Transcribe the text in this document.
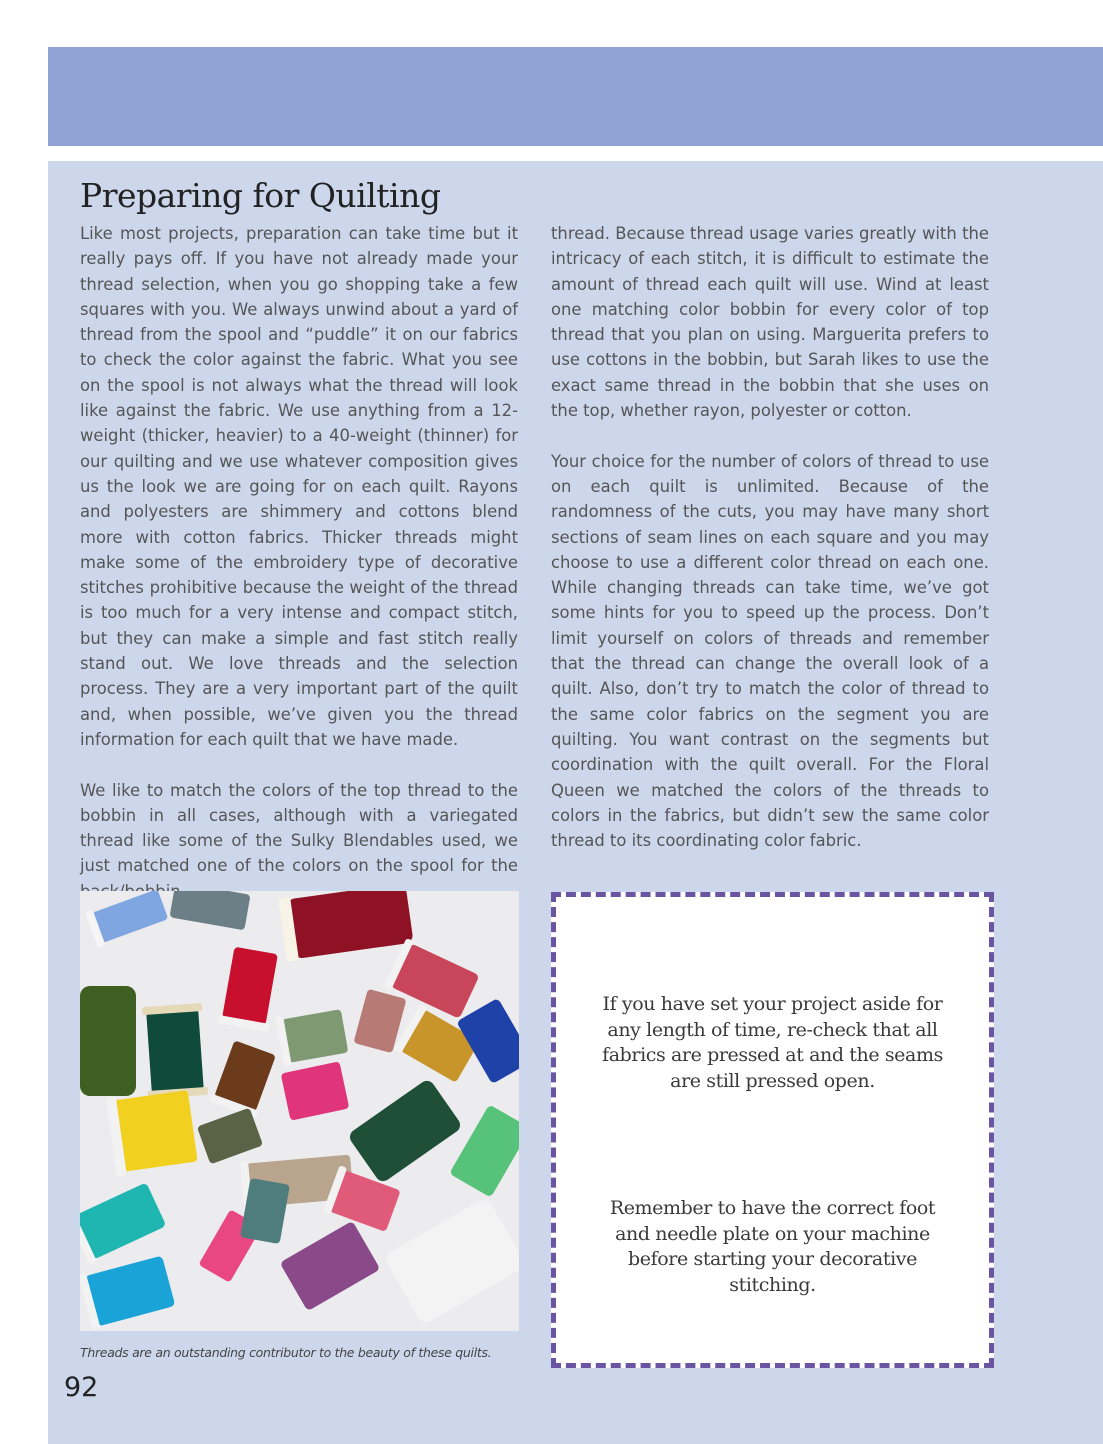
Preparing for Quilting

Like most projects, preparation can take time but it really pays off. If you have not already made your thread selection, when you go shopping take a few squares with you. We always unwind about a yard of thread from the spool and “puddle” it on our fabrics to check the color against the fabric. What you see on the spool is not always what the thread will look like against the fabric. We use anything from a 12-weight (thicker, heavier) to a 40-weight (thinner) for our quilting and we use whatever composition gives us the look we are going for on each quilt. Rayons and polyesters are shimmery and cottons blend more with cotton fabrics. Thicker threads might make some of the embroidery type of decorative stitches prohibitive because the weight of the thread is too much for a very intense and compact stitch, but they can make a simple and fast stitch really stand out. We love threads and the selection process. They are a very important part of the quilt and, when possible, we’ve given you the thread information for each quilt that we have made.

We like to match the colors of the top thread to the bobbin in all cases, although with a variegated thread like some of the Sulky Blendables used, we just matched one of the colors on the spool for the

thread. Because thread usage varies greatly with the intricacy of each stitch, it is difficult to estimate the amount of thread each quilt will use. Wind at least one matching color bobbin for every color of top thread that you plan on using. Marguerita prefers to use cottons in the bobbin, but Sarah likes to use the exact same thread in the bobbin that she uses on the top, whether rayon, polyester or cotton.

Your choice for the number of colors of thread to use on each quilt is unlimited. Because of the randomness of the cuts, you may have many short sections of seam lines on each square and you may choose to use a different color thread on each one. While changing threads can take time, we’ve got some hints for you to speed up the process. Don’t limit yourself on colors of threads and remember that the thread can change the overall look of a quilt. Also, don’t try to match the color of thread to the same color fabrics on the segment you are quilting. You want contrast on the segments but coordination with the quilt overall. For the Floral Queen we matched the colors of the threads to colors in the fabrics, but didn’t sew the same color thread to its coordinating color fabric.

Threads are an outstanding contributor to the beauty of these quilts.
92

If you have set your project aside for any length of time, re-check that all fabrics are pressed at and the seams are still pressed open.

Remember to have the correct foot and needle plate on your machine before starting your decorative stitching.
